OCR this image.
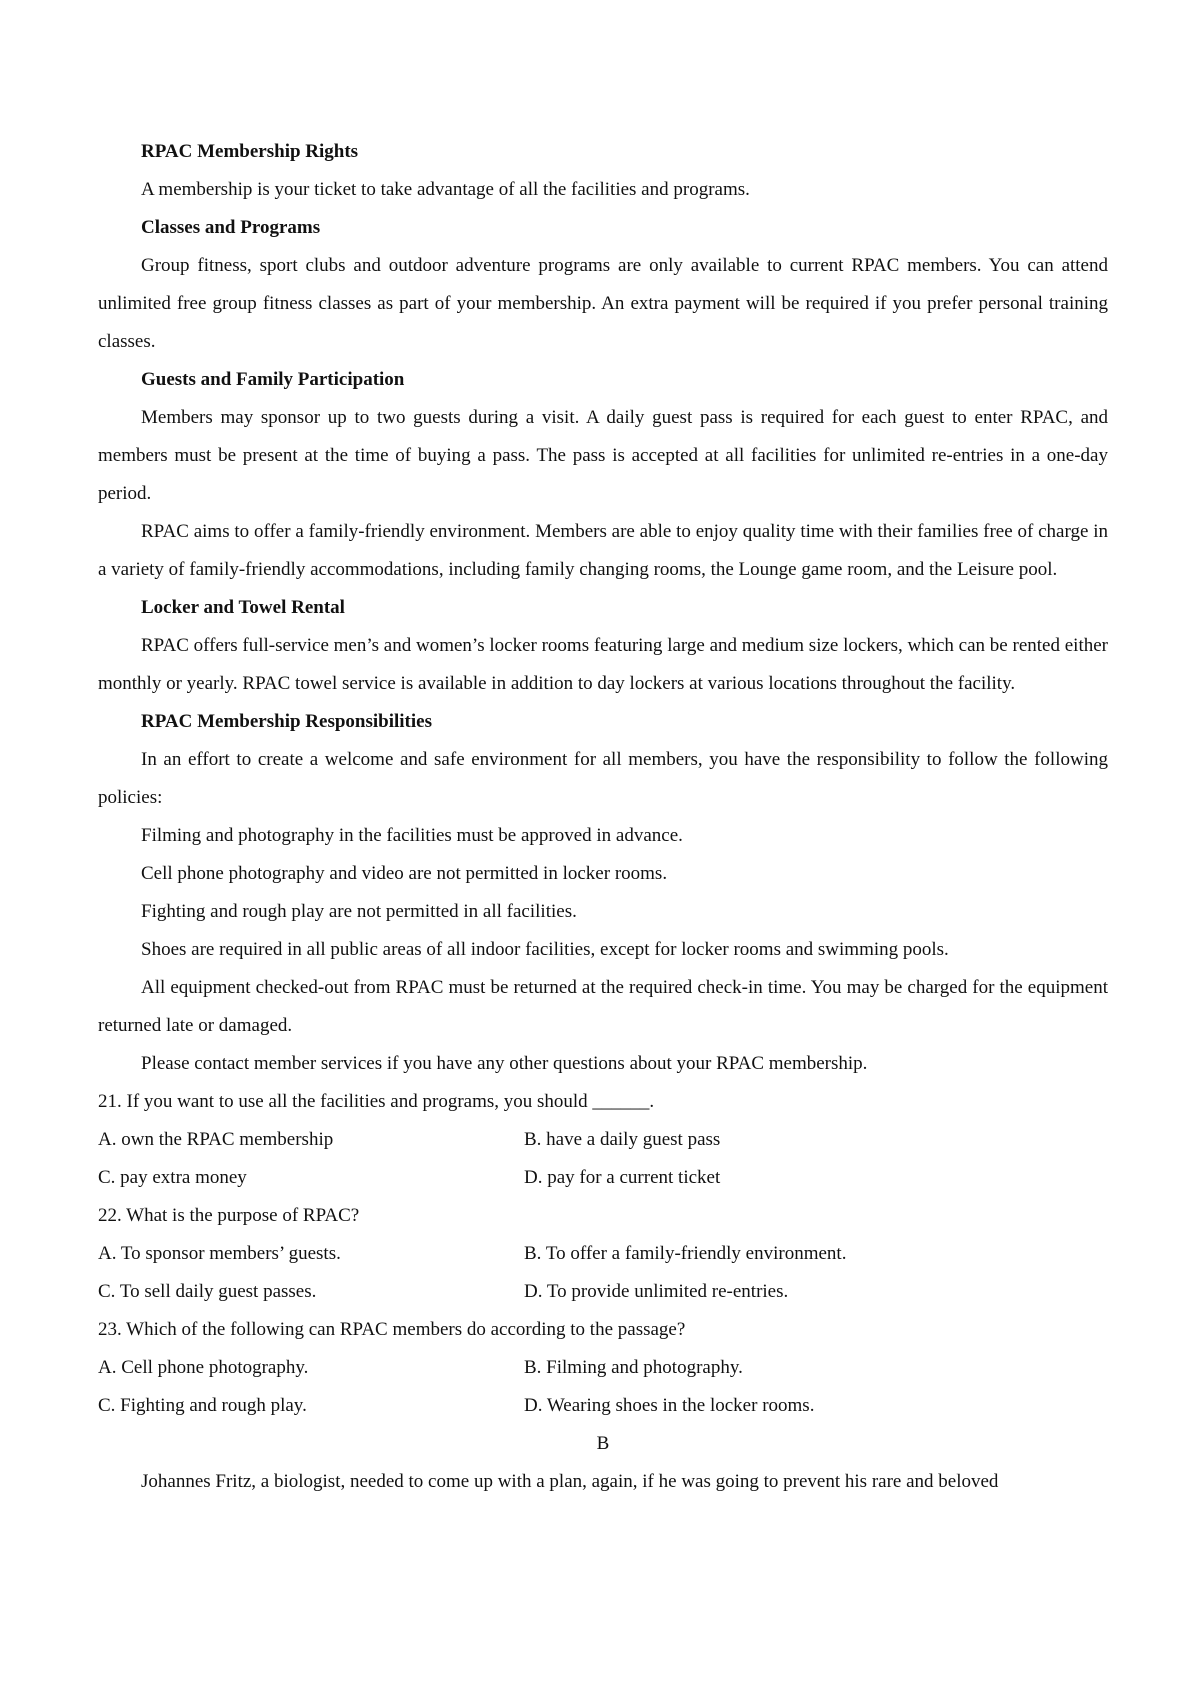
RPAC Membership Rights
A membership is your ticket to take advantage of all the facilities and programs.
Classes and Programs
Group fitness, sport clubs and outdoor adventure programs are only available to current RPAC members. You can attend unlimited free group fitness classes as part of your membership. An extra payment will be required if you prefer personal training classes.
Guests and Family Participation
Members may sponsor up to two guests during a visit. A daily guest pass is required for each guest to enter RPAC, and members must be present at the time of buying a pass. The pass is accepted at all facilities for unlimited re-entries in a one-day period.
RPAC aims to offer a family-friendly environment. Members are able to enjoy quality time with their families free of charge in a variety of family-friendly accommodations, including family changing rooms, the Lounge game room, and the Leisure pool.
Locker and Towel Rental
RPAC offers full-service men’s and women’s locker rooms featuring large and medium size lockers, which can be rented either monthly or yearly. RPAC towel service is available in addition to day lockers at various locations throughout the facility.
RPAC Membership Responsibilities
In an effort to create a welcome and safe environment for all members, you have the responsibility to follow the following policies:
Filming and photography in the facilities must be approved in advance.
Cell phone photography and video are not permitted in locker rooms.
Fighting and rough play are not permitted in all facilities.
Shoes are required in all public areas of all indoor facilities, except for locker rooms and swimming pools.
All equipment checked-out from RPAC must be returned at the required check-in time. You may be charged for the equipment returned late or damaged.
Please contact member services if you have any other questions about your RPAC membership.
21. If you want to use all the facilities and programs, you should ______.
A. own the RPAC membership	B. have a daily guest pass
C. pay extra money	D. pay for a current ticket
22. What is the purpose of RPAC?
A. To sponsor members’ guests.	B. To offer a family-friendly environment.
C. To sell daily guest passes.	D. To provide unlimited re-entries.
23. Which of the following can RPAC members do according to the passage?
A. Cell phone photography.	B. Filming and photography.
C. Fighting and rough play.	D. Wearing shoes in the locker rooms.
B
Johannes Fritz, a biologist, needed to come up with a plan, again, if he was going to prevent his rare and beloved
